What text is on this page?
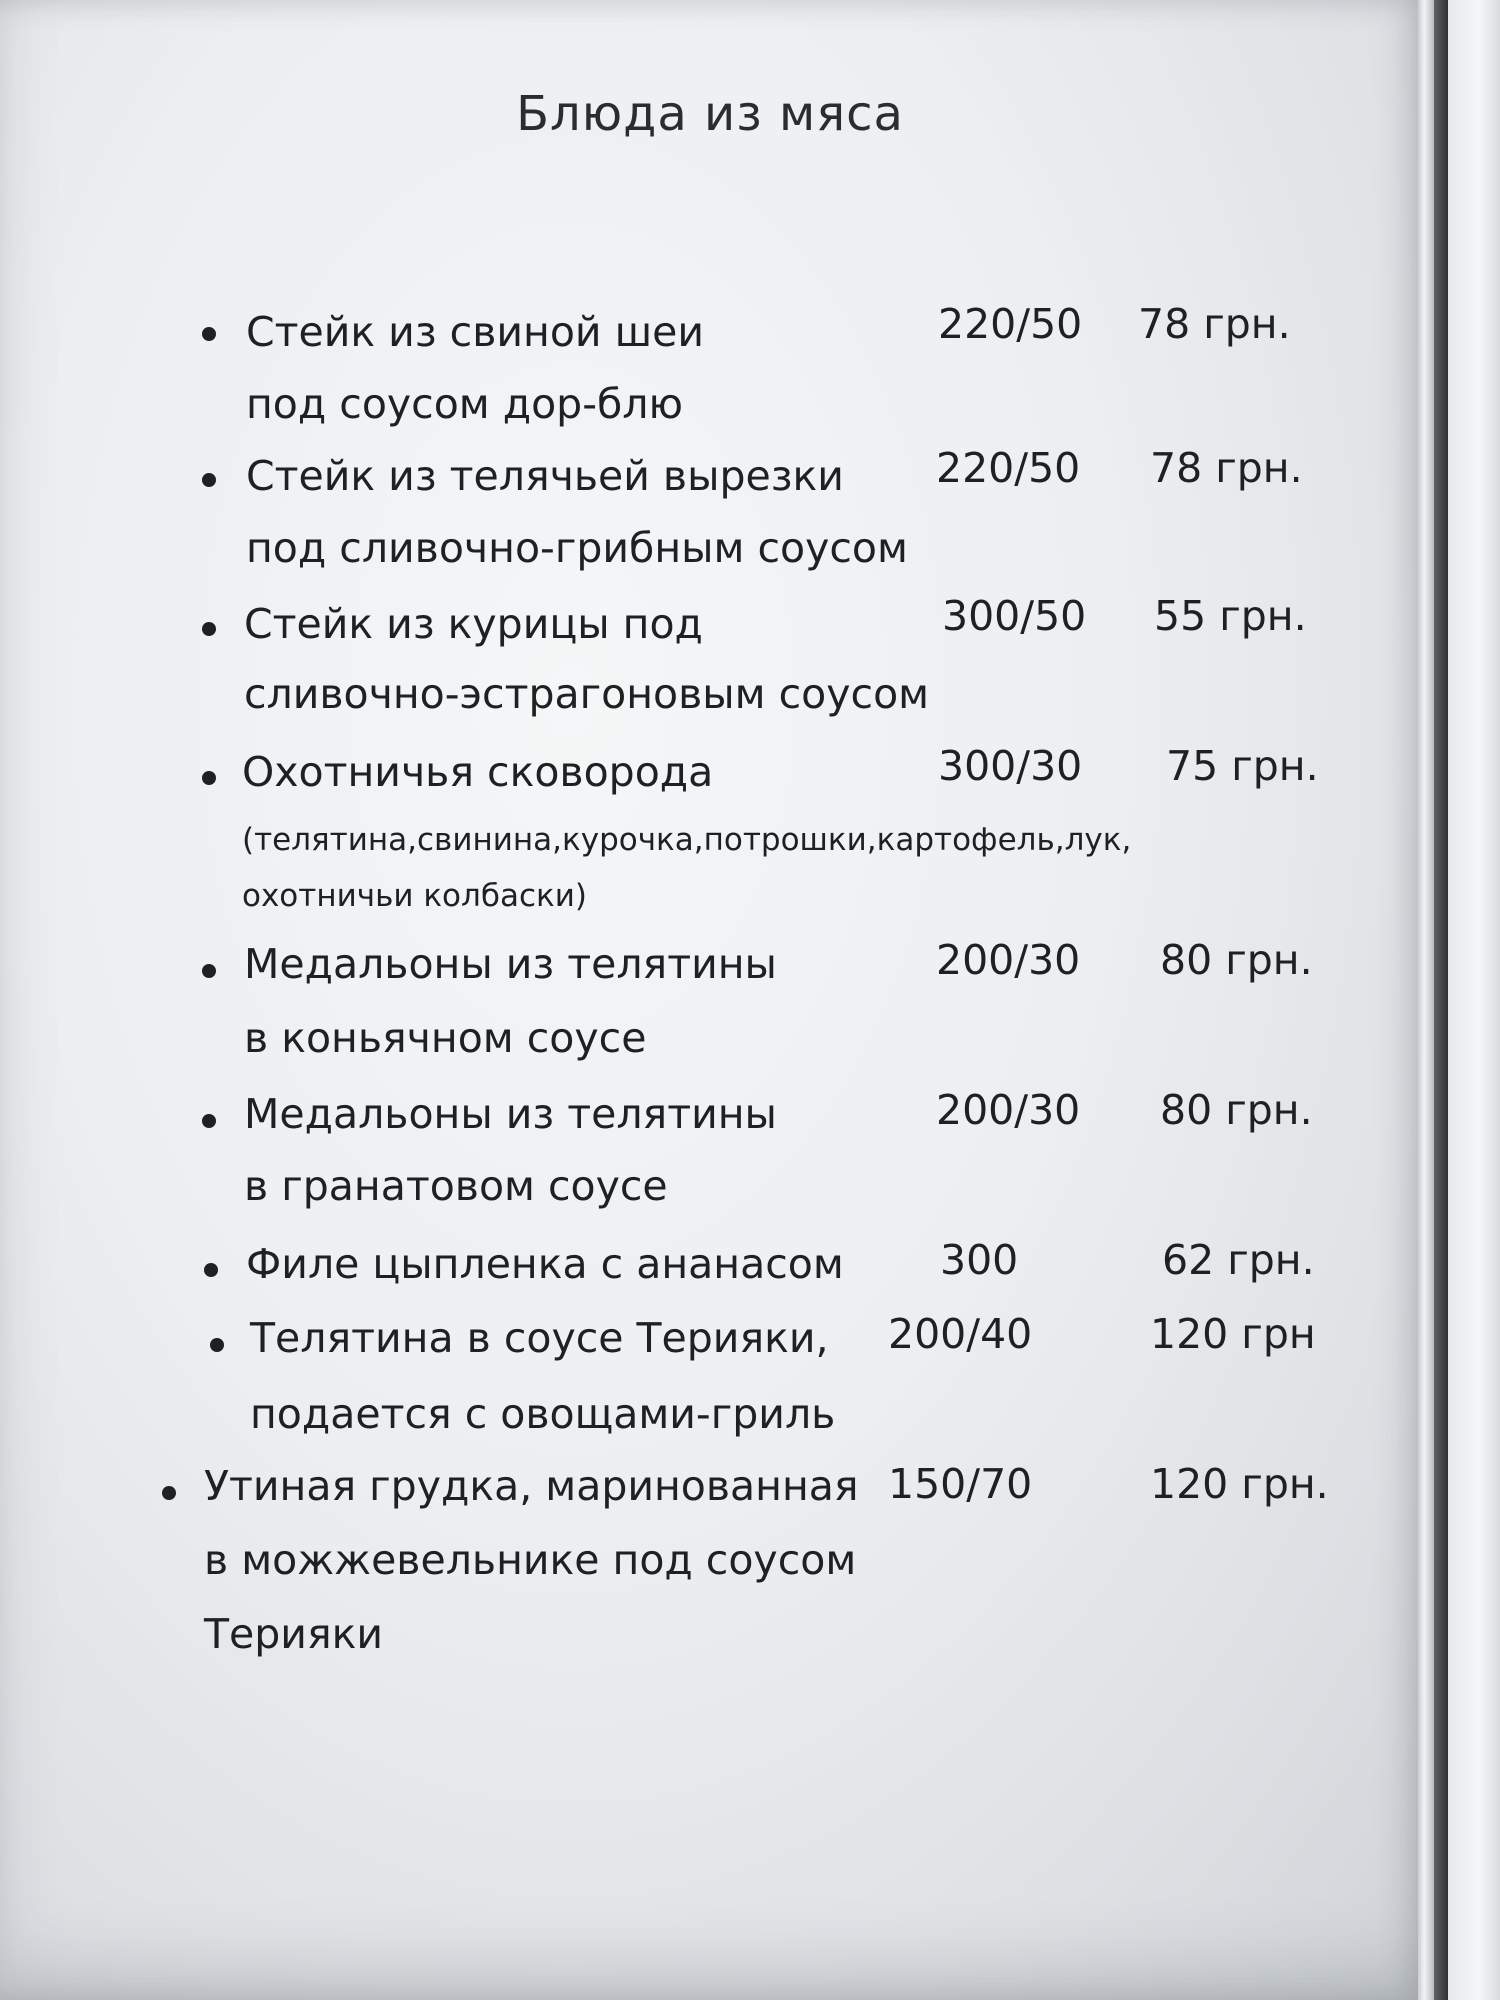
Блюда из мяса
Стейк из свиной шеи
под соусом дор-блю
220/50 78 грн.
Стейк из телячьей вырезки
под сливочно-грибным соусом
220/50 78 грн.
Стейк из курицы под
сливочно-эстрагоновым соусом
300/50 55 грн.
Охотничья сковорода
(телятина,свинина,курочка,потрошки,картофель,лук,
охотничьи колбаски)
300/30 75 грн.
Медальоны из телятины
в коньячном соусе
200/30 80 грн.
Медальоны из телятины
в гранатовом соусе
200/30 80 грн.
Филе цыпленка с ананасом 300	62 грн.
Телятина в соусе Терияки,
подается с овощами-гриль
200/40	120 грн
Утиная грудка, маринованная
в можжевельнике под соусом
Терияки
150/70	120 грн.
